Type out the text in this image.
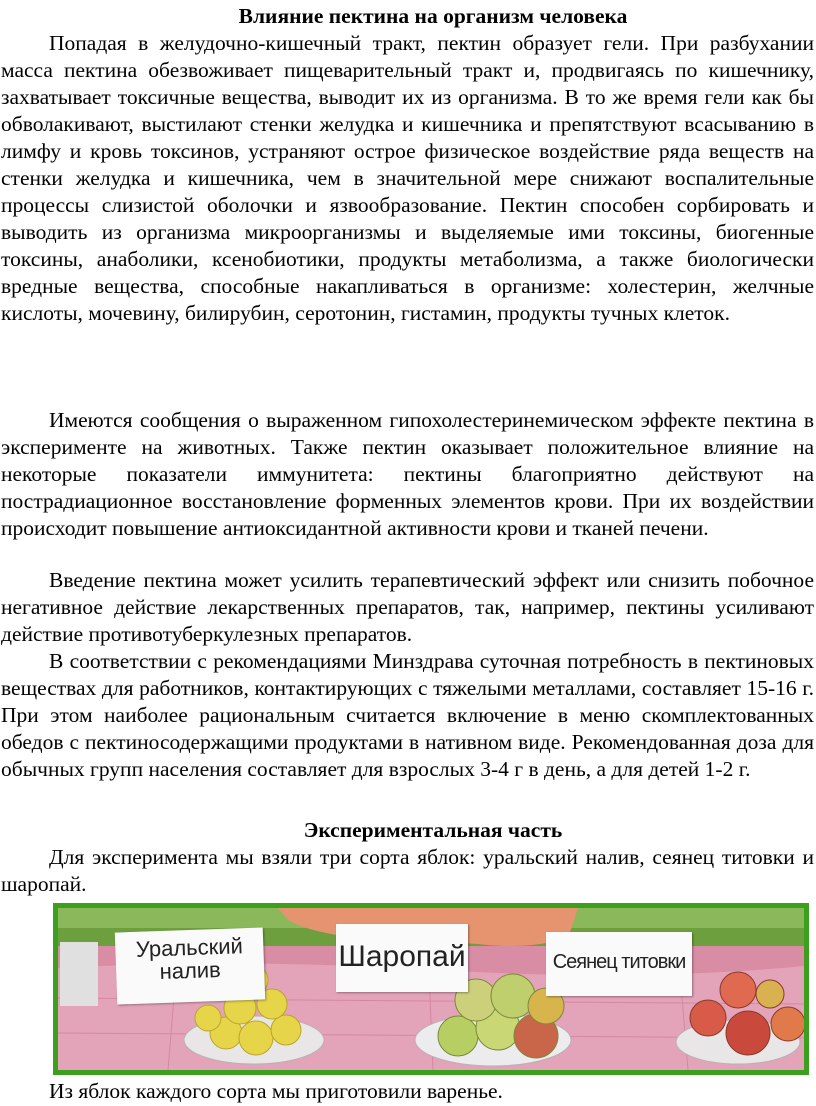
Влияние пектина на организм человека

Попадая в желудочно-кишечный тракт, пектин образует гели. При разбухании масса пектина обезвоживает пищеварительный тракт и, продвигаясь по кишечнику, захватывает токсичные вещества, выводит их из организма. В то же время гели как бы обволакивают, выстилают стенки желудка и кишечника и препятствуют всасыванию в лимфу и кровь токсинов, устраняют острое физическое воздействие ряда веществ на стенки желудка и кишечника, чем в значительной мере снижают воспалительные процессы слизистой оболочки и язвообразование. Пектин способен сорбировать и выводить из организма микроорганизмы и выделяемые ими токсины, биогенные токсины, анаболики, ксенобиотики, продукты метаболизма, а также биологически вредные вещества, способные накапливаться в организме: холестерин, желчные кислоты, мочевину, билирубин, серотонин, гистамин, продукты тучных клеток.

Имеются сообщения о выраженном гипохолестеринемическом эффекте пектина в эксперименте на животных. Также пектин оказывает положительное влияние на некоторые показатели иммунитета: пектины благоприятно действуют на пострадиационное восстановление форменных элементов крови. При их воздействии происходит повышение антиоксидантной активности крови и тканей печени.

Введение пектина может усилить терапевтический эффект или снизить побочное негативное действие лекарственных препаратов, так, например, пектины усиливают действие противотуберкулезных препаратов.

В соответствии с рекомендациями Минздрава суточная потребность в пектиновых веществах для работников, контактирующих с тяжелыми металлами, составляет 15-16 г. При этом наиболее рациональным считается включение в меню скомплектованных обедов с пектиносодержащими продуктами в нативном виде. Рекомендованная доза для обычных групп населения составляет для взрослых 3-4 г в день, а для детей 1-2 г.

Экспериментальная часть

Для эксперимента мы взяли три сорта яблок: уральский налив, сеянец титовки и шаропай.

Уральский
налив	Шаропай	Сеянец титовки

Из яблок каждого сорта мы приготовили варенье.
